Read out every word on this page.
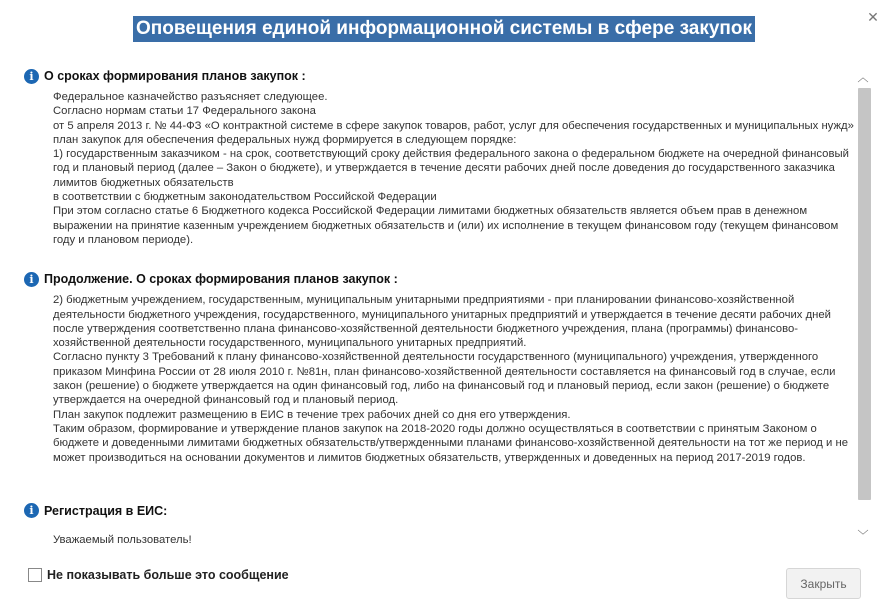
Оповещения единой информационной системы в сфере закупок
✕
i О сроках формирования планов закупок :

Федеральное казначейство разъясняет следующее.

Согласно нормам статьи 17 Федерального закона

от 5 апреля 2013 г. № 44-ФЗ «О контрактной системе в сфере закупок товаров, работ, услуг для обеспечения государственных и муниципальных нужд» план закупок для обеспечения федеральных нужд формируется в следующем порядке:

1) государственным заказчиком - на срок, соответствующий сроку действия федерального закона о федеральном бюджете на очередной финансовый год и плановый период (далее – Закон о бюджете), и утверждается в течение десяти рабочих дней после доведения до государственного заказчика лимитов бюджетных обязательств

в соответствии с бюджетным законодательством Российской Федерации

При этом согласно статье 6 Бюджетного кодекса Российской Федерации лимитами бюджетных обязательств является объем прав в денежном выражении на принятие казенным учреждением бюджетных обязательств и (или) их исполнение в текущем финансовом году (текущем финансовом году и плановом периоде).

i Продолжение. О сроках формирования планов закупок :

2) бюджетным учреждением, государственным, муниципальным унитарными предприятиями - при планировании финансово-хозяйственной деятельности бюджетного учреждения, государственного, муниципального унитарных предприятий и утверждается в течение десяти рабочих дней после утверждения соответственно плана финансово-хозяйственной деятельности бюджетного учреждения, плана (программы) финансово-хозяйственной деятельности государственного, муниципального унитарных предприятий.

Согласно пункту 3 Требований к плану финансово-хозяйственной деятельности государственного (муниципального) учреждения, утвержденного приказом Минфина России от 28 июля 2010 г. №81н, план финансово-хозяйственной деятельности составляется на финансовый год в случае, если закон (решение) о бюджете утверждается на один финансовый год, либо на финансовый год и плановый период, если закон (решение) о бюджете утверждается на очередной финансовый год и плановый период.

План закупок подлежит размещению в ЕИС в течение трех рабочих дней со дня его утверждения.

Таким образом, формирование и утверждение планов закупок на 2018-2020 годы должно осуществляться в соответствии с принятым Законом о бюджете и доведенными лимитами бюджетных обязательств/утвержденными планами финансово-хозяйственной деятельности на тот же период и не может производиться на основании документов и лимитов бюджетных обязательств, утвержденных и доведенных на период 2017-2019 годов.

i Регистрация в ЕИС:

Уважаемый пользователь!

︿
﹀
Не показывать больше это сообщение
Закрыть
